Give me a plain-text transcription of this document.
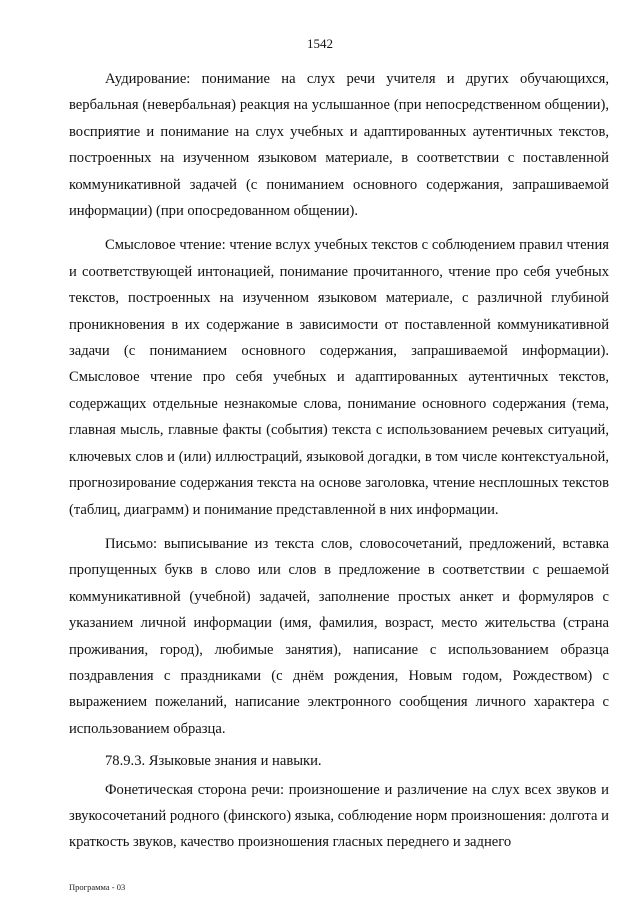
1542

Аудирование: понимание на слух речи учителя и других обучающихся, вербальная (невербальная) реакция на услышанное (при непосредственном общении), восприятие и понимание на слух учебных и адаптированных аутентичных текстов, построенных на изученном языковом материале, в соответствии с поставленной коммуникативной задачей (с пониманием основного содержания, запрашиваемой информации) (при опосредованном общении).

Смысловое чтение: чтение вслух учебных текстов с соблюдением правил чтения и соответствующей интонацией, понимание прочитанного, чтение про себя учебных текстов, построенных на изученном языковом материале, с различной глубиной проникновения в их содержание в зависимости от поставленной коммуникативной задачи (с пониманием основного содержания, запрашиваемой информации). Смысловое чтение про себя учебных и адаптированных аутентичных текстов, содержащих отдельные незнакомые слова, понимание основного содержания (тема, главная мысль, главные факты (события) текста с использованием речевых ситуаций, ключевых слов и (или) иллюстраций, языковой догадки, в том числе контекстуальной, прогнозирование содержания текста на основе заголовка, чтение несплошных текстов (таблиц, диаграмм) и понимание представленной в них информации.

Письмо: выписывание из текста слов, словосочетаний, предложений, вставка пропущенных букв в слово или слов в предложение в соответствии с решаемой коммуникативной (учебной) задачей, заполнение простых анкет и формуляров с указанием личной информации (имя, фамилия, возраст, место жительства (страна проживания, город), любимые занятия), написание с использованием образца поздравления с праздниками (с днём рождения, Новым годом, Рождеством) с выражением пожеланий, написание электронного сообщения личного характера с использованием образца.

78.9.3. Языковые знания и навыки.

Фонетическая сторона речи: произношение и различение на слух всех звуков и звукосочетаний родного (финского) языка, соблюдение норм произношения: долгота и краткость звуков, качество произношения гласных переднего и заднего

Программа - 03
